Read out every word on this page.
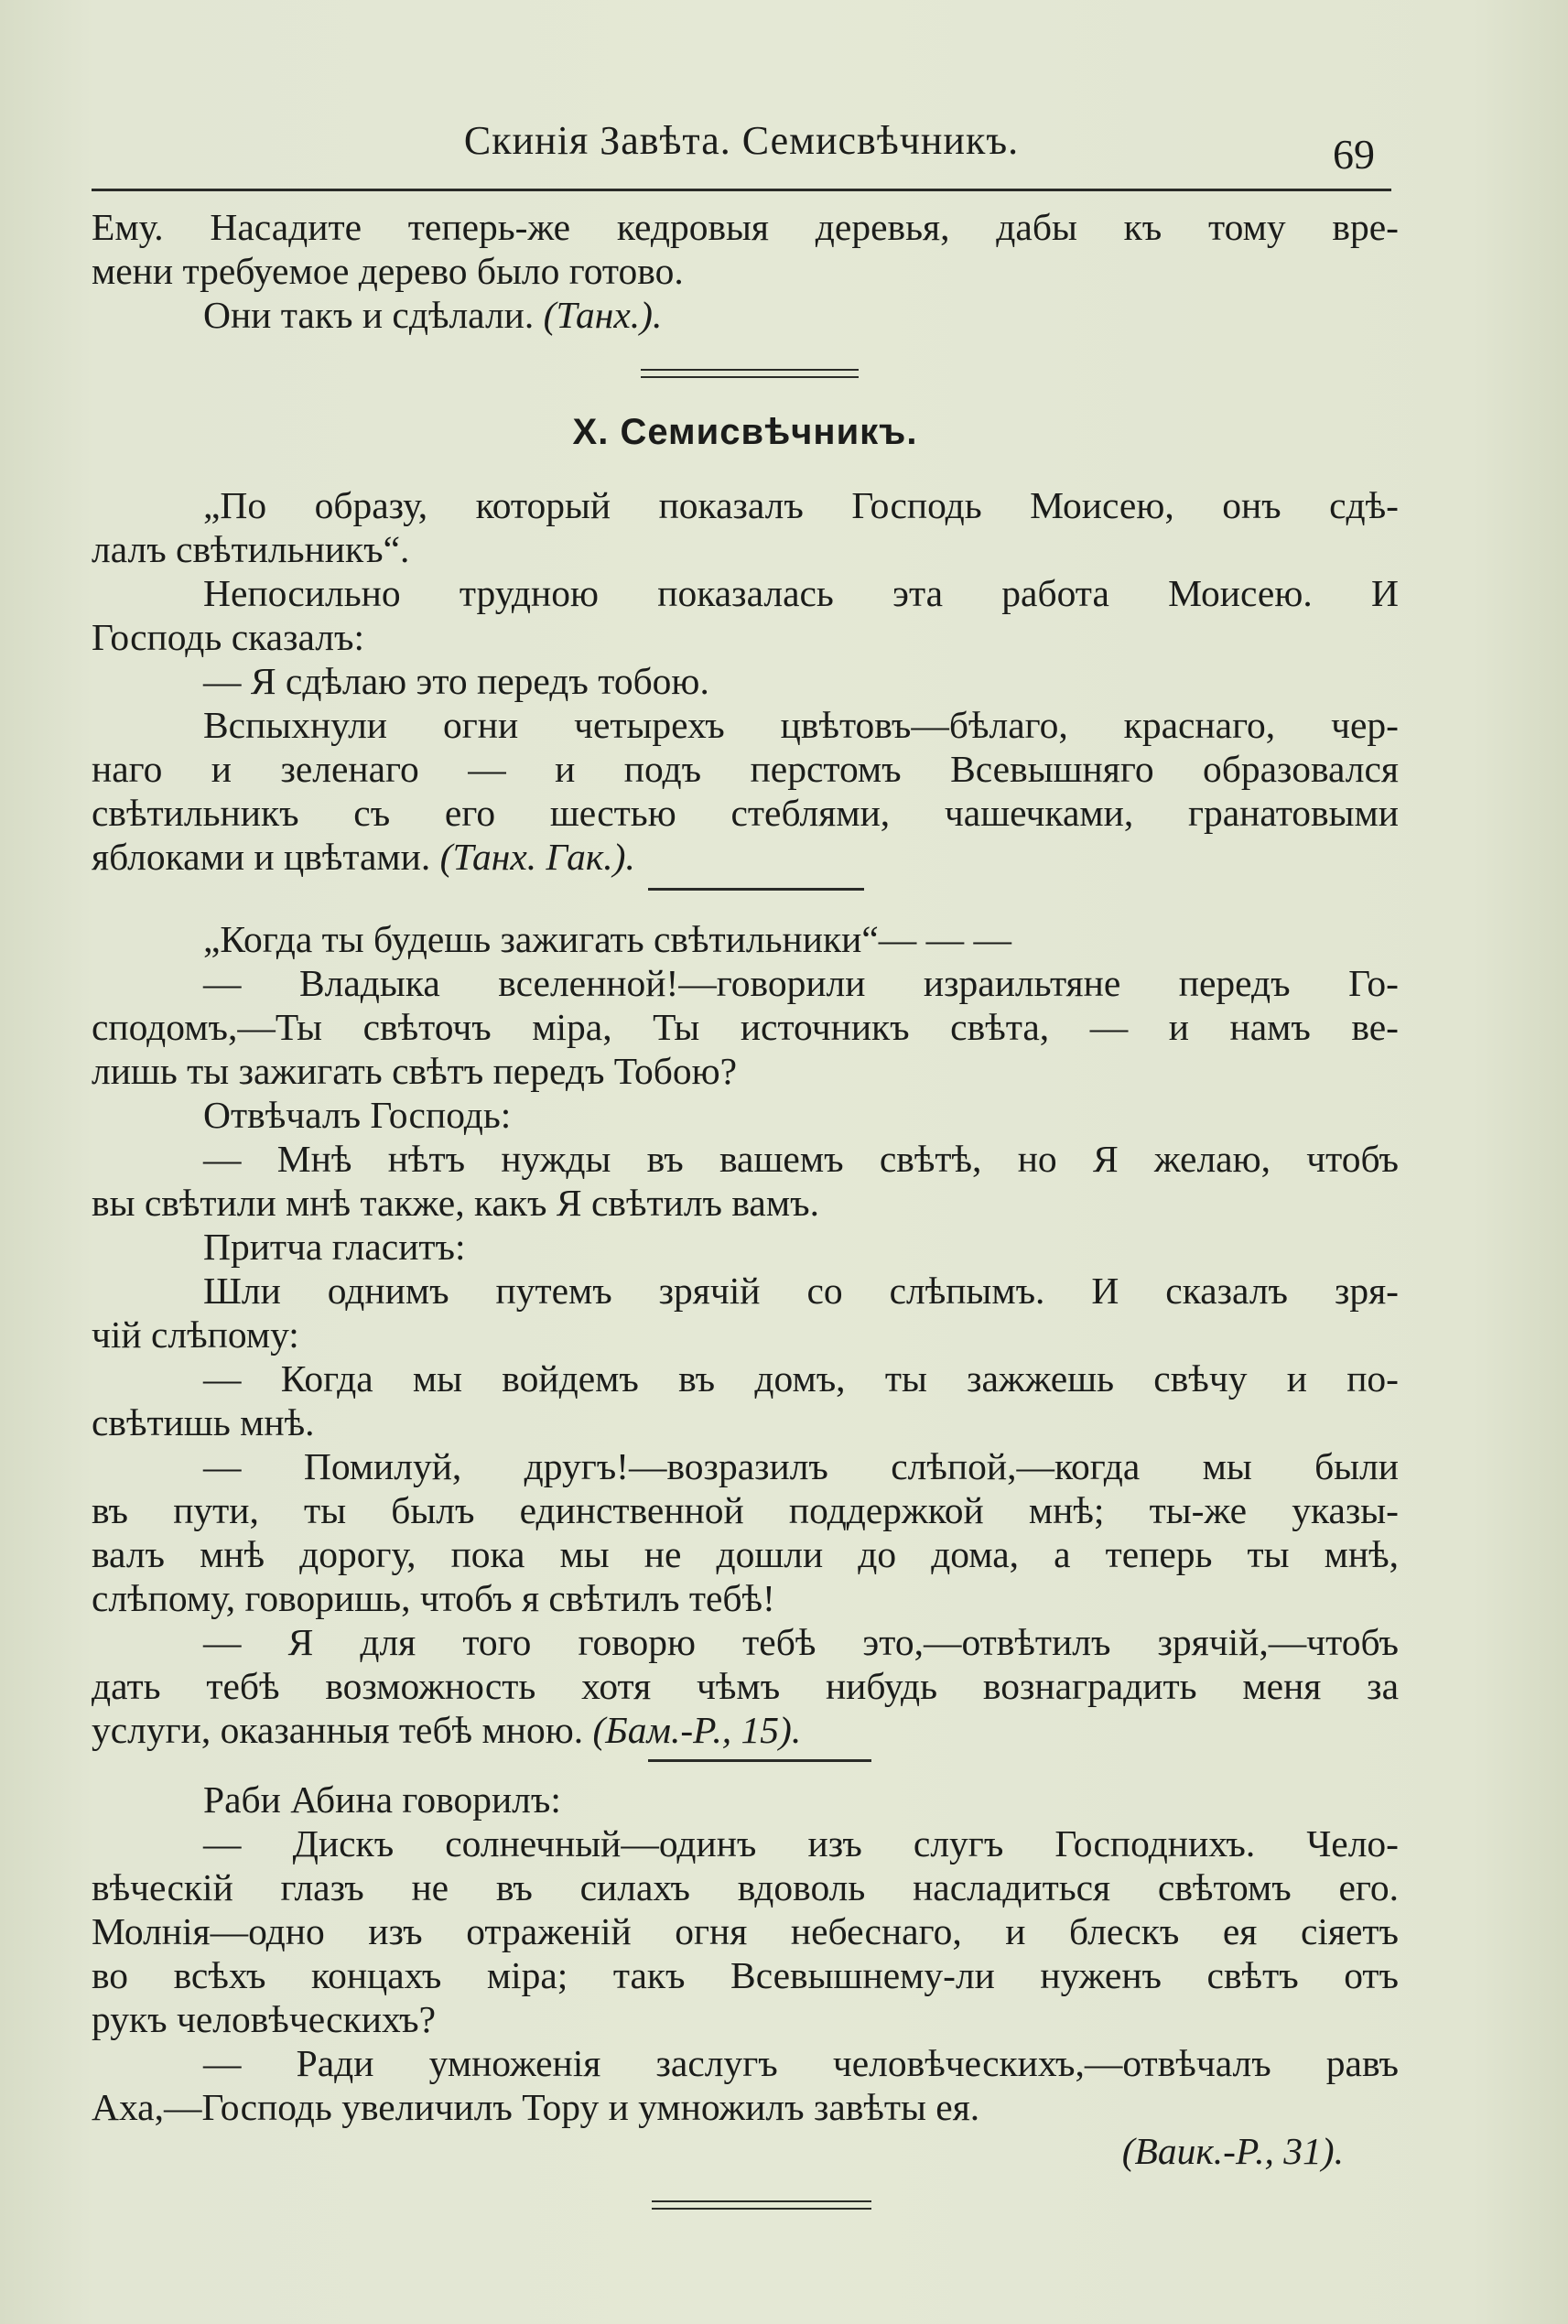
Скинія Завѣта. Семисвѣчникъ.	69
Ему. Насадите теперь-же кедровыя деревья, дабы къ тому вре-
мени требуемое дерево было готово.
Они такъ и сдѣлали. (Танх.).
X. Семисвѣчникъ.
„По образу, который показалъ Господь Моисею, онъ сдѣ-
лалъ свѣтильникъ“.
Непосильно трудною показалась эта работа Моисею. И
Господь сказалъ:
— Я сдѣлаю это передъ тобою.
Вспыхнули огни четырехъ цвѣтовъ—бѣлаго, краснаго, чер-
наго и зеленаго — и подъ перстомъ Всевышняго образовался
свѣтильникъ съ его шестью стеблями, чашечками, гранатовыми
яблоками и цвѣтами. (Танх. Гак.).
„Когда ты будешь зажигать свѣтильники“— — —
— Владыка вселенной!—говорили израильтяне передъ Го-
сподомъ,—Ты свѣточъ міра, Ты источникъ свѣта, — и намъ ве-
лишь ты зажигать свѣтъ передъ Тобою?
Отвѣчалъ Господь:
— Мнѣ нѣтъ нужды въ вашемъ свѣтѣ, но Я желаю, чтобъ
вы свѣтили мнѣ также, какъ Я свѣтилъ вамъ.
Притча гласитъ:
Шли однимъ путемъ зрячій со слѣпымъ. И сказалъ зря-
чій слѣпому:
— Когда мы войдемъ въ домъ, ты зажжешь свѣчу и по-
свѣтишь мнѣ.
— Помилуй, другъ!—возразилъ слѣпой,—когда мы были
въ пути, ты былъ единственной поддержкой мнѣ; ты-же указы-
валъ мнѣ дорогу, пока мы не дошли до дома, а теперь ты мнѣ,
слѣпому, говоришь, чтобъ я свѣтилъ тебѣ!
— Я для того говорю тебѣ это,—отвѣтилъ зрячій,—чтобъ
дать тебѣ возможность хотя чѣмъ нибудь вознаградить меня за
услуги, оказанныя тебѣ мною. (Бам.-Р., 15).
Раби Абина говорилъ:
— Дискъ солнечный—одинъ изъ слугъ Господнихъ. Чело-
вѣческій глазъ не въ силахъ вдоволь насладиться свѣтомъ его.
Молнія—одно изъ отраженій огня небеснаго, и блескъ ея сіяетъ
во всѣхъ концахъ міра; такъ Всевышнему-ли нуженъ свѣтъ отъ
рукъ человѣческихъ?
— Ради умноженія заслугъ человѣческихъ,—отвѣчалъ равъ
Аха,—Господь увеличилъ Тору и умножилъ завѣты ея.
(Ваик.-Р., 31).
